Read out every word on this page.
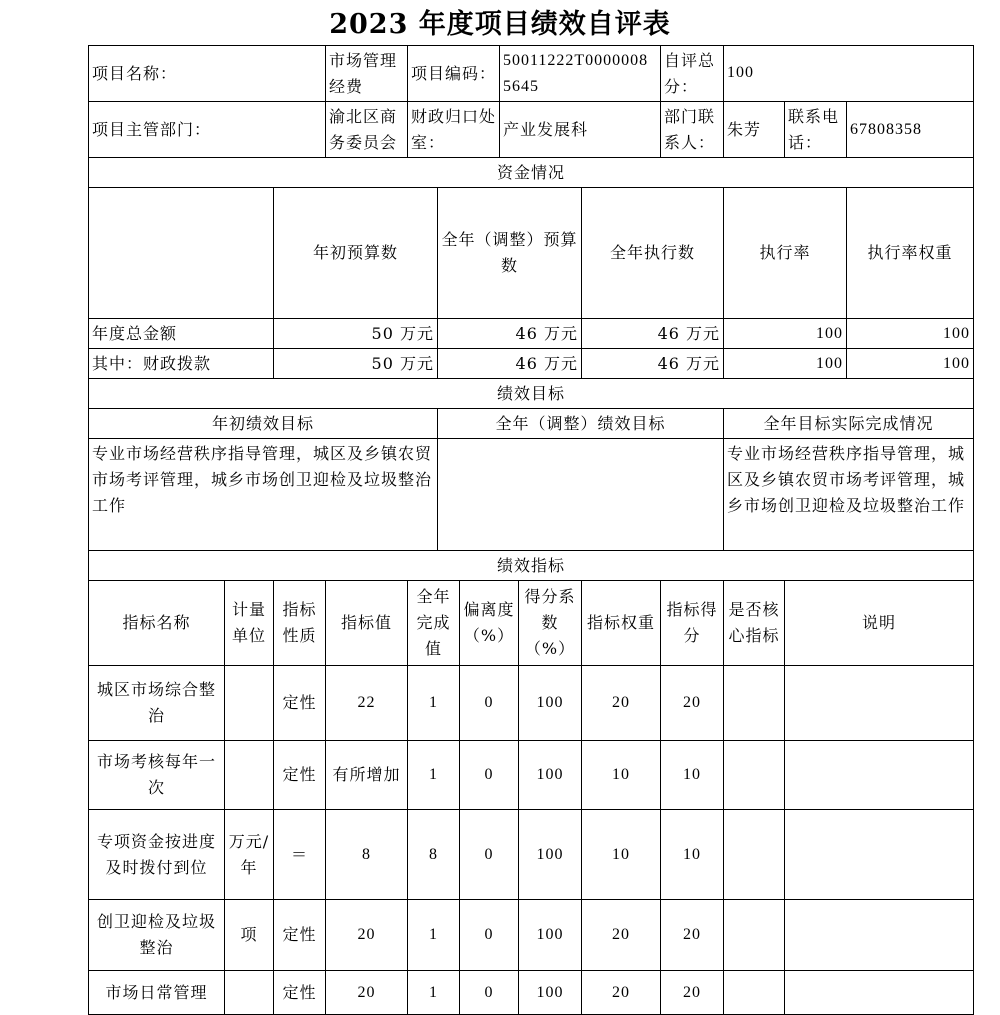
2023 年度项目绩效自评表
项目名称：			市场管理经费	项目编码：			50011222T00000085645			自评总分：	100			
项目主管部门：			渝北区商务委员会	财政归口处室：			产业发展科			部门联系人：	朱芳	联系电话：	67808358	
资金情况														
		年初预算数			全年（调整）预算数				全年执行数		执行率		执行率权重	
年度总金额		50 万元			46 万元				46 万元		100		100	
其中：财政拨款		50 万元			46 万元				46 万元		100		100	
绩效目标														
年初绩效目标					全年（调整）绩效目标						全年目标实际完成情况			
专业市场经营秩序指导管理，城区及乡镇农贸市场考评管理，城乡市场创卫迎检及垃圾整治工作											专业市场经营秩序指导管理，城区及乡镇农贸市场考评管理，城乡市场创卫迎检及垃圾整治工作			
绩效指标														
指标名称	计量单位	指标性质	指标值	全年完成值		偏离度（%）		得分系数（%）	指标权重	指标得分	是否核心指标	说明		
城区市场综合整治		定性	22	1		0		100	20	20				
市场考核每年一次		定性	有所增加	1		0		100	10	10				
专项资金按进度及时拨付到位	万元/年	＝	8	8		0		100	10	10				
创卫迎检及垃圾整治	项	定性	20	1		0		100	20	20				
市场日常管理		定性	20	1		0		100	20	20				
